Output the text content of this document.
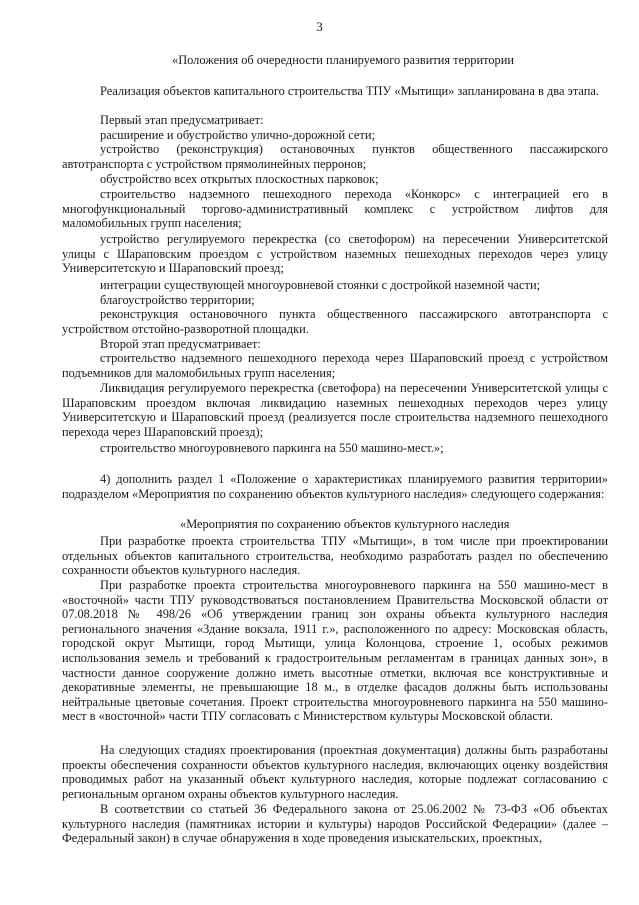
3

«Положения об очередности планируемого развития территории

Реализация объектов капитального строительства ТПУ «Мытищи» запланирована в два этапа.

Первый этап предусматривает:

расширение и обустройство улично-дорожной сети;

устройство (реконструкция) остановочных пунктов общественного пассажирского автотранспорта с устройством прямолинейных перронов;

обустройство всех открытых плоскостных парковок;

строительство надземного пешеходного перехода «Конкорс» с интеграцией его в многофункциональный торгово-административный комплекс с устройством лифтов для маломобильных групп населения;

устройство регулируемого перекрестка (со светофором) на пересечении Университетской улицы с Шараповским проездом с устройством наземных пешеходных переходов через улицу Университетскую и Шараповский проезд;

интеграции существующей многоуровневой стоянки с достройкой наземной части;

благоустройство территории;

реконструкция остановочного пункта общественного пассажирского автотранспорта с устройством отстойно-разворотной площадки.

Второй этап предусматривает:

строительство надземного пешеходного перехода через Шараповский проезд с устройством подъемников для маломобильных групп населения;

Ликвидация регулируемого перекрестка (светофора) на пересечении Университетской улицы с Шараповским проездом включая ликвидацию наземных пешеходных переходов через улицу Университетскую и Шараповский проезд (реализуется после строительства надземного пешеходного перехода через Шараповский проезд);

строительство многоуровневого паркинга на 550 машино-мест.»;

4) дополнить раздел 1 «Положение о характеристиках планируемого развития территории» подразделом «Мероприятия по сохранению объектов культурного наследия» следующего содержания:

«Мероприятия по сохранению объектов культурного наследия

При разработке проекта строительства ТПУ «Мытищи», в том числе при проектировании отдельных объектов капитального строительства, необходимо разработать раздел по обеспечению сохранности объектов культурного наследия.

При разработке проекта строительства многоуровневого паркинга на 550 машино-мест в «восточной» части ТПУ руководствоваться постановлением Правительства Московской области от 07.08.2018 № 498/26 «Об утверждении границ зон охраны объекта культурного наследия регионального значения «Здание вокзала, 1911 г.», расположенного по адресу: Московская область, городской округ Мытищи, город Мытищи, улица Колонцова, строение 1, особых режимов использования земель и требований к градостроительным регламентам в границах данных зон», в частности данное сооружение должно иметь высотные отметки, включая все конструктивные и декоративные элементы, не превышающие 18 м., в отделке фасадов должны быть использованы нейтральные цветовые сочетания. Проект строительства многоуровневого паркинга на 550 машино-мест в «восточной» части ТПУ согласовать с Министерством культуры Московской области.

На следующих стадиях проектирования (проектная документация) должны быть разработаны проекты обеспечения сохранности объектов культурного наследия, включающих оценку воздействия проводимых работ на указанный объект культурного наследия, которые подлежат согласованию с региональным органом охраны объектов культурного наследия.

В соответствии со статьей 36 Федерального закона от 25.06.2002 № 73-ФЗ «Об объектах культурного наследия (памятниках истории и культуры) народов Российской Федерации» (далее – Федеральный закон) в случае обнаружения в ходе проведения изыскательских, проектных,
